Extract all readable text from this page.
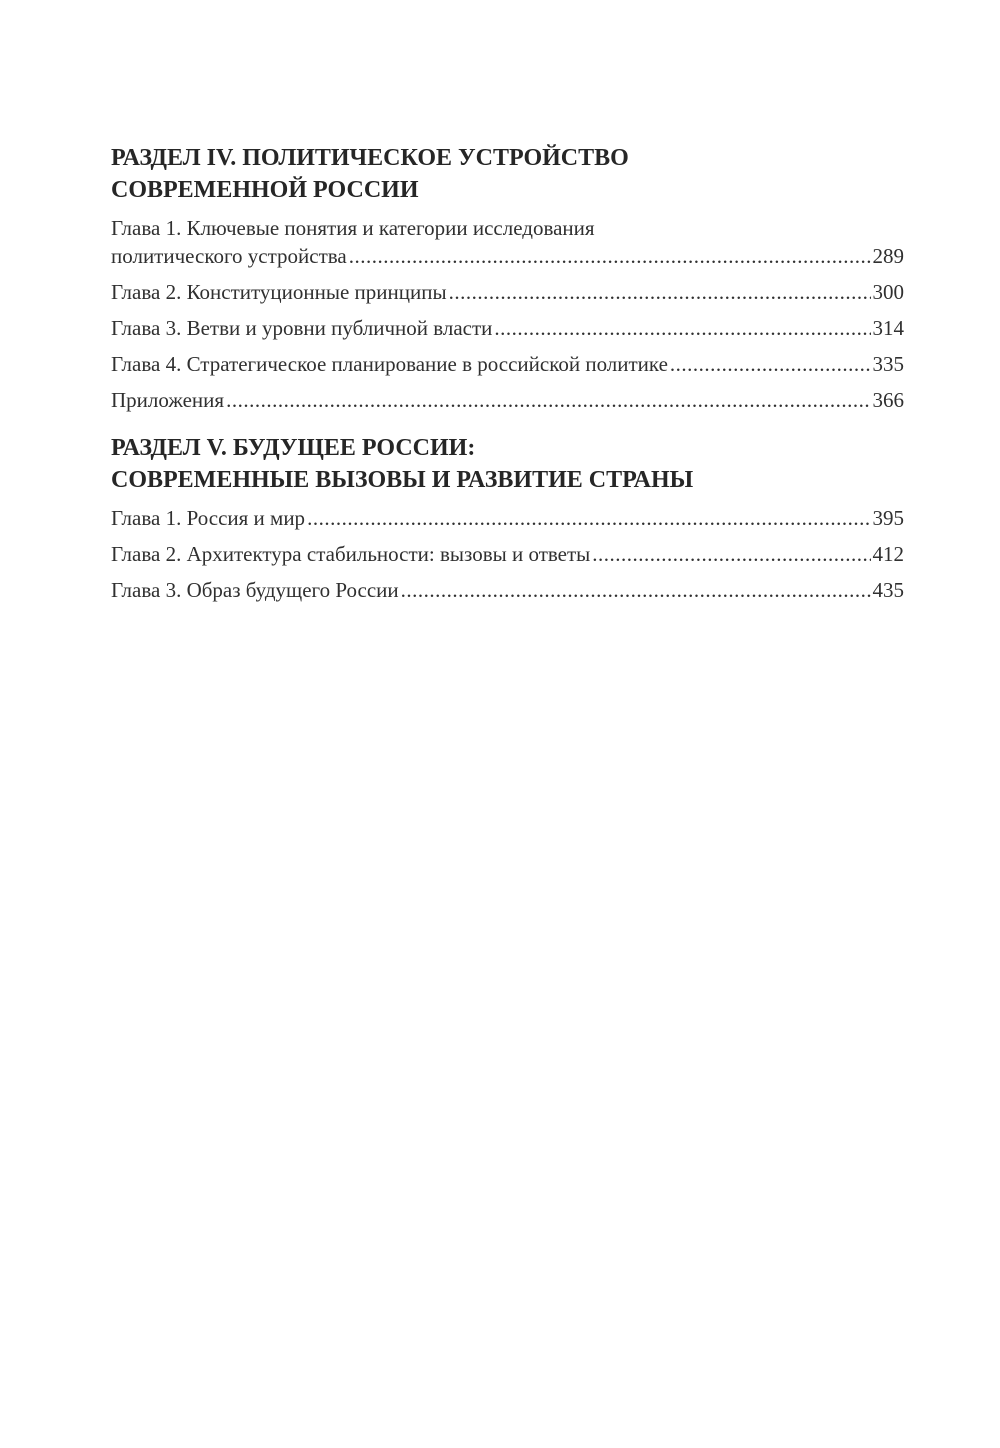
РАЗДЕЛ IV. ПОЛИТИЧЕСКОЕ УСТРОЙСТВО
СОВРЕМЕННОЙ РОССИИ
Глава 1. Ключевые понятия и категории исследования
политического устройства .....	289
Глава 2. Конституционные принципы .....	300
Глава 3. Ветви и уровни публичной власти .....	314
Глава 4. Стратегическое планирование в российской политике .....	335
Приложения .....	366
РАЗДЕЛ V. БУДУЩЕЕ РОССИИ:
СОВРЕМЕННЫЕ ВЫЗОВЫ И РАЗВИТИЕ СТРАНЫ
Глава 1. Россия и мир .....	395
Глава 2. Архитектура стабильности: вызовы и ответы .....	412
Глава 3. Образ будущего России .....	435
